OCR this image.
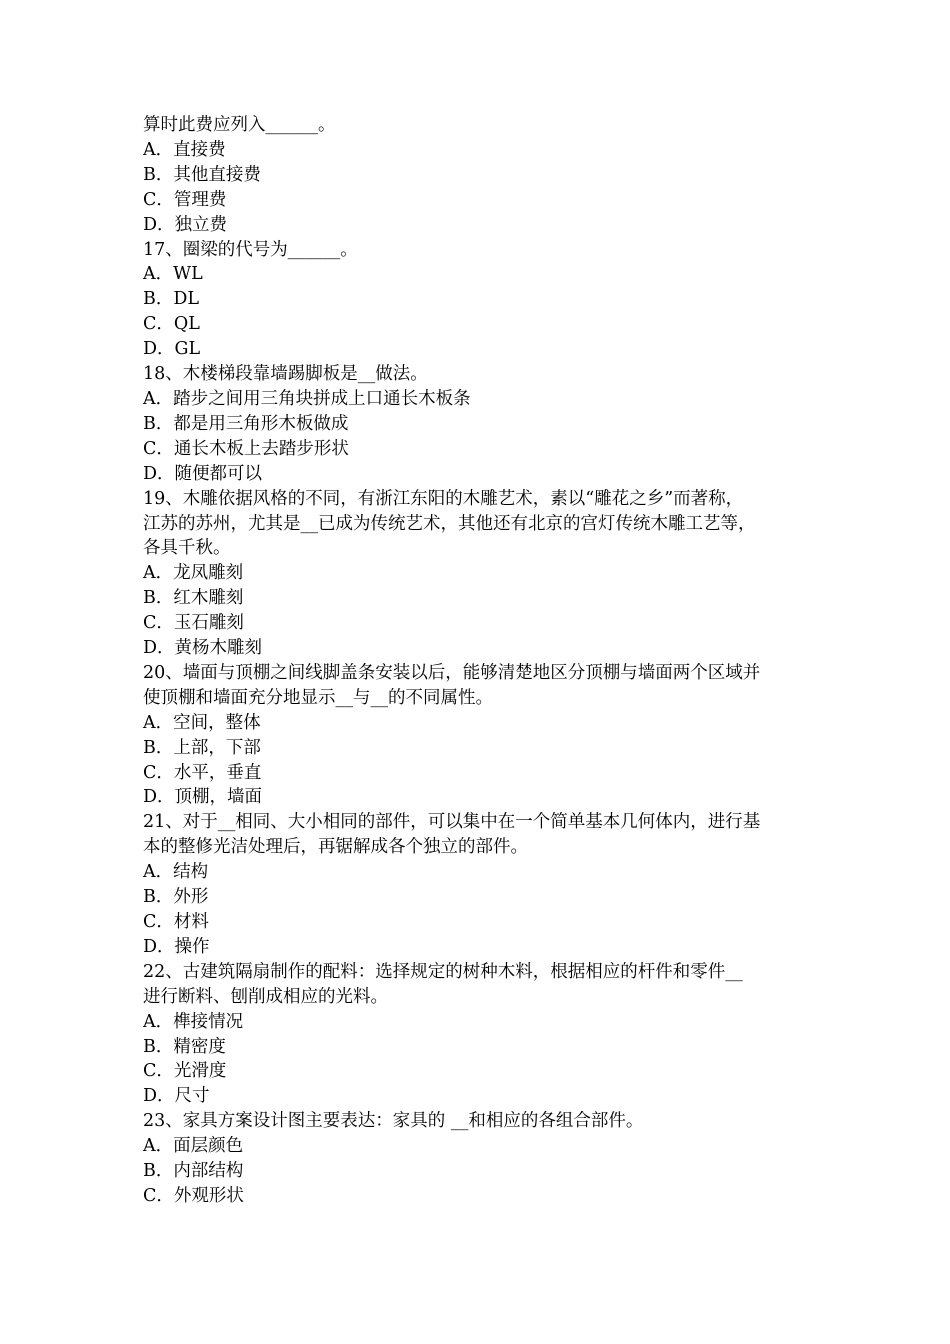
算时此费应列入______。

A．直接费

B．其他直接费

C．管理费

D．独立费

17、圈梁的代号为______。

A．WL

B．DL

C．QL

D．GL

18、木楼梯段靠墙踢脚板是__做法。

A．踏步之间用三角块拼成上口通长木板条

B．都是用三角形木板做成

C．通长木板上去踏步形状

D．随便都可以

19、木雕依据风格的不同，有浙江东阳的木雕艺术，素以“雕花之乡”而著称，

江苏的苏州，尤其是__已成为传统艺术，其他还有北京的宫灯传统木雕工艺等，

各具千秋。

A．龙凤雕刻

B．红木雕刻

C．玉石雕刻

D．黄杨木雕刻

20、墙面与顶棚之间线脚盖条安装以后，能够清楚地区分顶棚与墙面两个区域并

使顶棚和墙面充分地显示__与__的不同属性。

A．空间，整体

B．上部，下部

C．水平，垂直

D．顶棚，墙面

21、对于__相同、大小相同的部件，可以集中在一个简单基本几何体内，进行基

本的整修光洁处理后，再锯解成各个独立的部件。

A．结构

B．外形

C．材料

D．操作

22、古建筑隔扇制作的配料：选择规定的树种木料，根据相应的杆件和零件__

进行断料、刨削成相应的光料。

A．榫接情况

B．精密度

C．光滑度

D．尺寸

23、家具方案设计图主要表达：家具的 __和相应的各组合部件。

A．面层颜色

B．内部结构

C．外观形状
